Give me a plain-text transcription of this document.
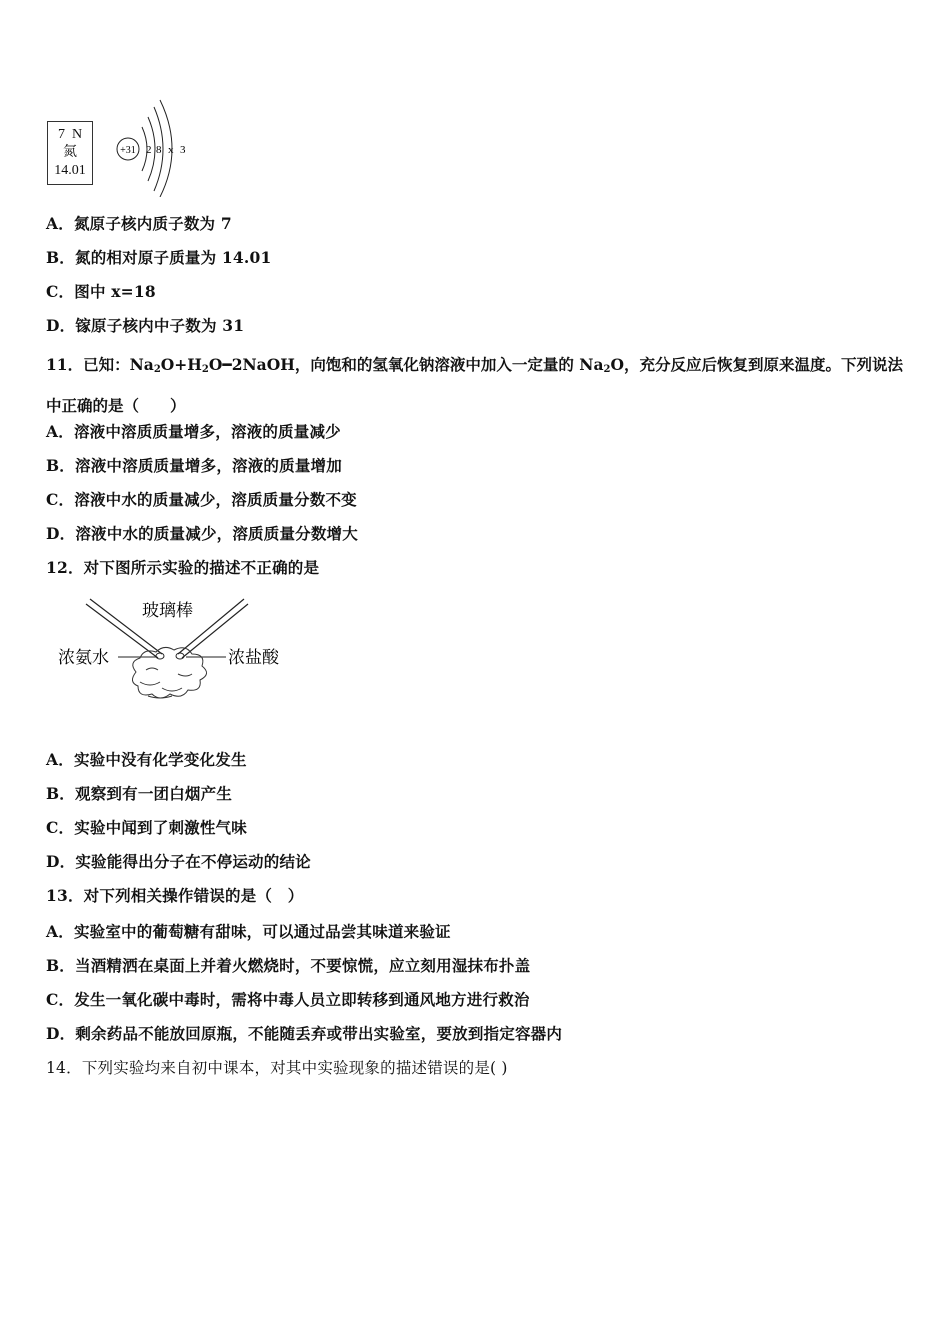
7 N
氮
14.01
+31 2 8 x 3
A．氮原子核内质子数为 7
B．氮的相对原子质量为 14.01
C．图中 x=18
D．镓原子核内中子数为 31
11．已知：$Na_2O+H_2O━2NaOH$，向饱和的氢氧化钠溶液中加入一定量的 $Na_2O$，充分反应后恢复到原来温度。下列说法中正确的是（　　）
A．溶液中溶质质量增多，溶液的质量减少
B．溶液中溶质质量增多，溶液的质量增加
C．溶液中水的质量减少，溶质质量分数不变
D．溶液中水的质量减少，溶质质量分数增大
12．对下图所示实验的描述不正确的是
玻璃棒
浓氨水	浓盐酸
A．实验中没有化学变化发生
B．观察到有一团白烟产生
C．实验中闻到了刺激性气味
D．实验能得出分子在不停运动的结论
13．对下列相关操作错误的是（　）
A．实验室中的葡萄糖有甜味，可以通过品尝其味道来验证
B．当酒精洒在桌面上并着火燃烧时，不要惊慌，应立刻用湿抹布扑盖
C．发生一氧化碳中毒时，需将中毒人员立即转移到通风地方进行救治
D．剩余药品不能放回原瓶，不能随丢弃或带出实验室，要放到指定容器内
14．下列实验均来自初中课本，对其中实验现象的描述错误的是( )
